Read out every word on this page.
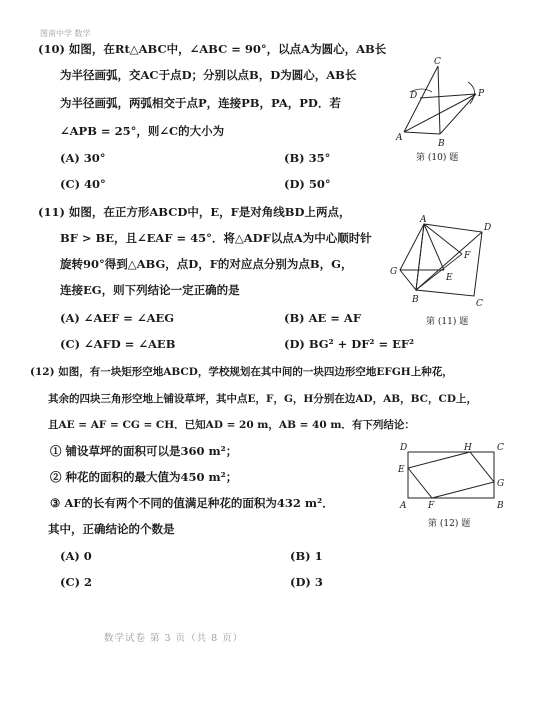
图南中学 数学
(10) 如图，在Rt△ABC中，∠ABC = 90°，以点A为圆心，AB长
为半径画弧，交AC于点D；分别以点B，D为圆心，AB长
为半径画弧，两弧相交于点P，连接PB，PA，PD．若
∠APB = 25°，则∠C的大小为
(A) 30°	(B) 35°
(C) 40°	(D) 50°
C
D	P
A
B
第 (10) 题
(11) 如图，在正方形ABCD中，E，F是对角线BD上两点，
BF > BE，且∠EAF = 45°．将△ADF以点A为中心顺时针
旋转90°得到△ABG，点D，F的对应点分别为点B，G，
连接EG，则下列结论一定正确的是
(A) ∠AEF = ∠AEG	(B) AE = AF
(C) ∠AFD = ∠AEB	(D) BG² + DF² = EF²
A
D
F
G
E
B	C
第 (11) 题
(12) 如图，有一块矩形空地ABCD，学校规划在其中间的一块四边形空地EFGH上种花，
其余的四块三角形空地上铺设草坪，其中点E，F，G，H分别在边AD，AB，BC，CD上，
且AE = AF = CG = CH．已知AD = 20 m，AB = 40 m．有下列结论：
① 铺设草坪的面积可以是360 m²；
② 种花的面积的最大值为450 m²；
③ AF的长有两个不同的值满足种花的面积为432 m²．
其中，正确结论的个数是
(A) 0	(B) 1
(C) 2	(D) 3
D	H	C
E
G
A F	B
第 (12) 题
数学试卷 第 3 页（共 8 页）
